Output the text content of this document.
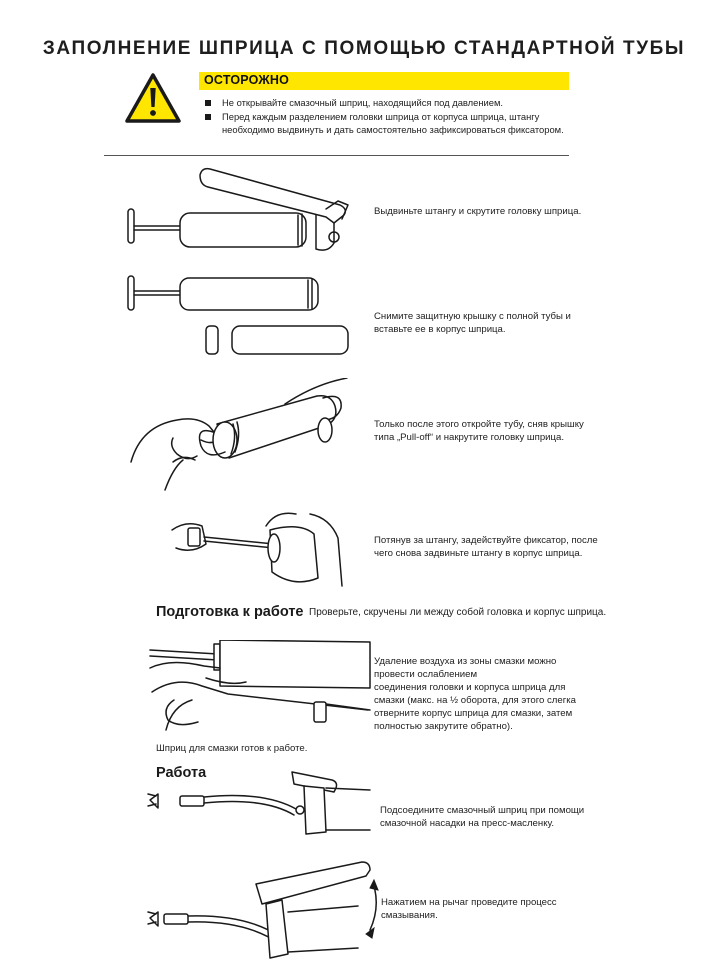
ЗАПОЛНЕНИЕ ШПРИЦА С ПОМОЩЬЮ СТАНДАРТНОЙ ТУБЫ
ОСТОРОЖНО
Не открывайте смазочный шприц, находящийся под давлением.
Перед каждым разделением головки шприца от корпуса шприца, штангу необходимо выдвинуть и дать самостоятельно зафиксироваться фиксатором.
Выдвиньте штангу и скрутите головку шприца.
Снимите защитную крышку с полной тубы и вставьте ее в корпус шприца.
Только после этого откройте тубу, сняв крышку типа „Pull-off“ и накрутите головку шприца.
Потянув за штангу, задействуйте фиксатор, после чего снова задвиньте штангу в корпус шприца.
Подготовка к работе Проверьте, скручены ли между собой головка и корпус шприца.
Удаление воздуха из зоны смазки можно
провести ослаблением
соединения головки и корпуса шприца для
смазки (макс. на ½ оборота, для этого слегка
отверните корпус шприца для смазки, затем
полностью закрутите обратно).
Шприц для смазки готов к работе.
Работа
Подсоедините смазочный шприц при помощи смазочной насадки на пресс-масленку.
Нажатием на рычаг проведите процесс смазывания.
